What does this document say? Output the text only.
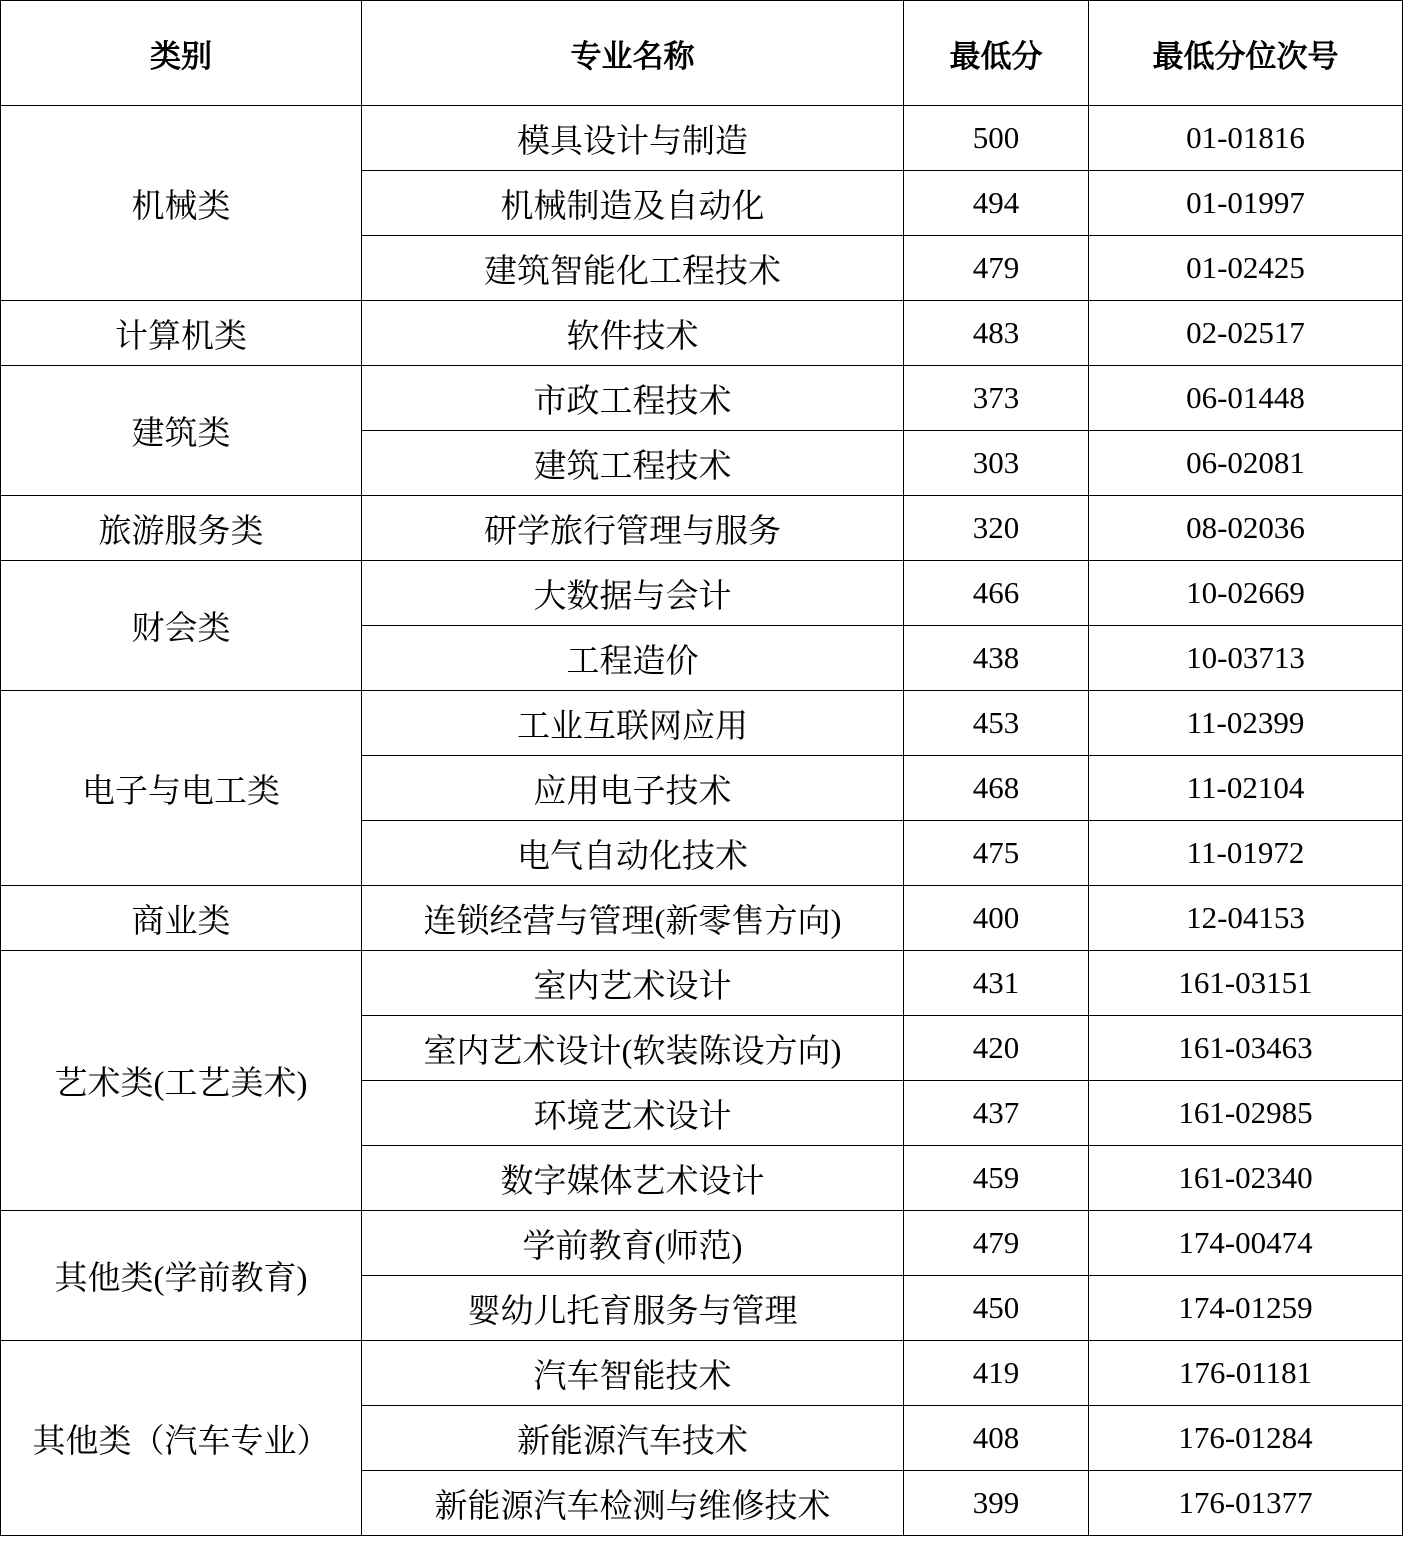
类别	专业名称	最低分	最低分位次号
机械类	模具设计与制造	500	01-01816
	机械制造及自动化	494	01-01997
	建筑智能化工程技术	479	01-02425
计算机类	软件技术	483	02-02517
建筑类	市政工程技术	373	06-01448
	建筑工程技术	303	06-02081
旅游服务类	研学旅行管理与服务	320	08-02036
财会类	大数据与会计	466	10-02669
	工程造价	438	10-03713
电子与电工类	工业互联网应用	453	11-02399
	应用电子技术	468	11-02104
	电气自动化技术	475	11-01972
商业类	连锁经营与管理(新零售方向)	400	12-04153
艺术类(工艺美术)	室内艺术设计	431	161-03151
	室内艺术设计(软装陈设方向)	420	161-03463
	环境艺术设计	437	161-02985
	数字媒体艺术设计	459	161-02340
其他类(学前教育)	学前教育(师范)	479	174-00474
	婴幼儿托育服务与管理	450	174-01259
其他类（汽车专业）	汽车智能技术	419	176-01181
	新能源汽车技术	408	176-01284
	新能源汽车检测与维修技术	399	176-01377
